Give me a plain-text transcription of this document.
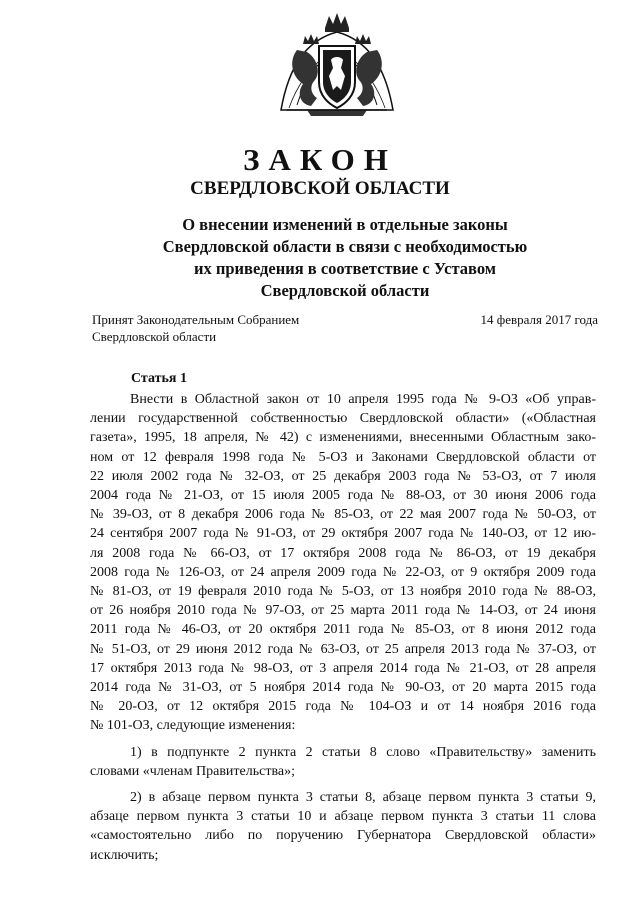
ЗАКОН
СВЕРДЛОВСКОЙ ОБЛАСТИ
О внесении изменений в отдельные законы
Свердловской области в связи с необходимостью
их приведения в соответствие с Уставом
Свердловской области
Принят Законодательным Собранием
Свердловской области
14 февраля 2017 года
Статья 1
Внести в Областной закон от 10 апреля 1995 года № 9-ОЗ «Об управ-
лении государственной собственностью Свердловской области» («Областная
газета», 1995, 18 апреля, № 42) с изменениями, внесенными Областным зако-
ном от 12 февраля 1998 года № 5-ОЗ и Законами Свердловской области от
22 июля 2002 года № 32-ОЗ, от 25 декабря 2003 года № 53-ОЗ, от 7 июля
2004 года № 21-ОЗ, от 15 июля 2005 года № 88-ОЗ, от 30 июня 2006 года
№ 39-ОЗ, от 8 декабря 2006 года № 85-ОЗ, от 22 мая 2007 года № 50-ОЗ, от
24 сентября 2007 года № 91-ОЗ, от 29 октября 2007 года № 140-ОЗ, от 12 ию-
ля 2008 года № 66-ОЗ, от 17 октября 2008 года № 86-ОЗ, от 19 декабря
2008 года № 126-ОЗ, от 24 апреля 2009 года № 22-ОЗ, от 9 октября 2009 года
№ 81-ОЗ, от 19 февраля 2010 года № 5-ОЗ, от 13 ноября 2010 года № 88-ОЗ,
от 26 ноября 2010 года № 97-ОЗ, от 25 марта 2011 года № 14-ОЗ, от 24 июня
2011 года № 46-ОЗ, от 20 октября 2011 года № 85-ОЗ, от 8 июня 2012 года
№ 51-ОЗ, от 29 июня 2012 года № 63-ОЗ, от 25 апреля 2013 года № 37-ОЗ, от
17 октября 2013 года № 98-ОЗ, от 3 апреля 2014 года № 21-ОЗ, от 28 апреля
2014 года № 31-ОЗ, от 5 ноября 2014 года № 90-ОЗ, от 20 марта 2015 года
№ 20-ОЗ, от 12 октября 2015 года № 104-ОЗ и от 14 ноября 2016 года
№ 101-ОЗ, следующие изменения:
1) в подпункте 2 пункта 2 статьи 8 слово «Правительству» заменить
словами «членам Правительства»;
2) в абзаце первом пункта 3 статьи 8, абзаце первом пункта 3 статьи 9,
абзаце первом пункта 3 статьи 10 и абзаце первом пункта 3 статьи 11 слова
«самостоятельно либо по поручению Губернатора Свердловской области»
исключить;
